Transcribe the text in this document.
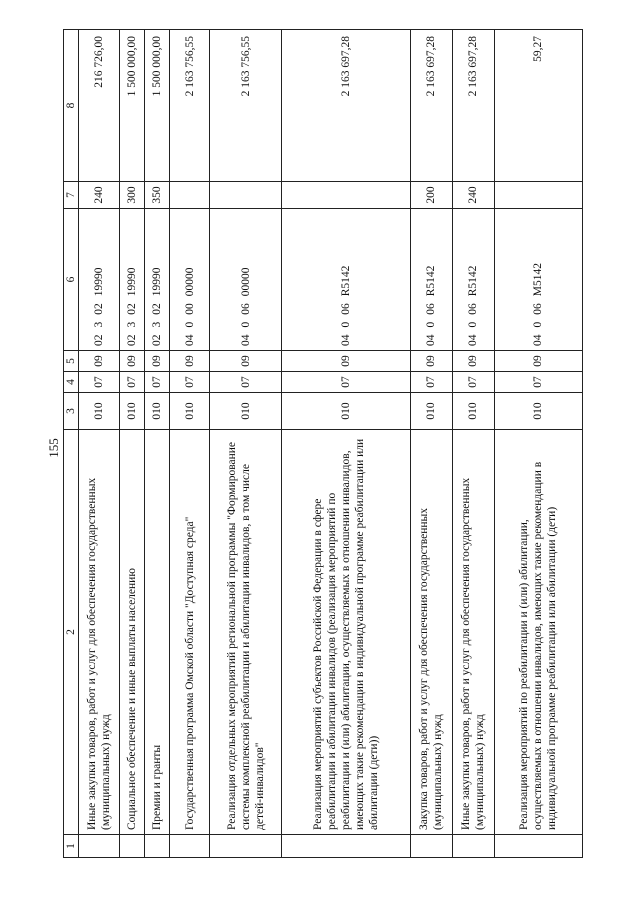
155
1	2	3	4	5	6	7	8
	Иные закупки товаров, работ и услуг для обеспечения государственных (муниципальных) нужд	010	07	09	0230219990	240	216 726,00
	Социальное обеспечение и иные выплаты населению	010	07	09	0230219990	300	1 500 000,00
	Премии и гранты	010	07	09	0230219990	350	1 500 000,00
	Государственная программа Омской области "Доступная среда"	010	07	09	0400000000		2 163 756,55
	Реализация отдельных мероприятий региональной программы "Формирование системы комплексной реабилитации и абилитации инвалидов, в том числе детей-инвалидов"	010	07	09	0400600000		2 163 756,55
	Реализация мероприятий субъектов Российской Федерации в сфере реабилитации и абилитации инвалидов (реализация мероприятий по реабилитации и (или) абилитации, осуществляемых в отношении инвалидов, имеющих такие рекомендации в индивидуальной программе реабилитации или абилитации (дети))	010	07	09	04006R5142		2 163 697,28
	Закупка товаров, работ и услуг для обеспечения государственных (муниципальных) нужд	010	07	09	04006R5142	200	2 163 697,28
	Иные закупки товаров, работ и услуг для обеспечения государственных (муниципальных) нужд	010	07	09	04006R5142	240	2 163 697,28
	Реализация мероприятий по реабилитации и (или) абилитации, осуществляемых в отношении инвалидов, имеющих такие рекомендации в индивидуальной программе реабилитации или абилитации (дети)	010	07	09	04006M5142		59,27
